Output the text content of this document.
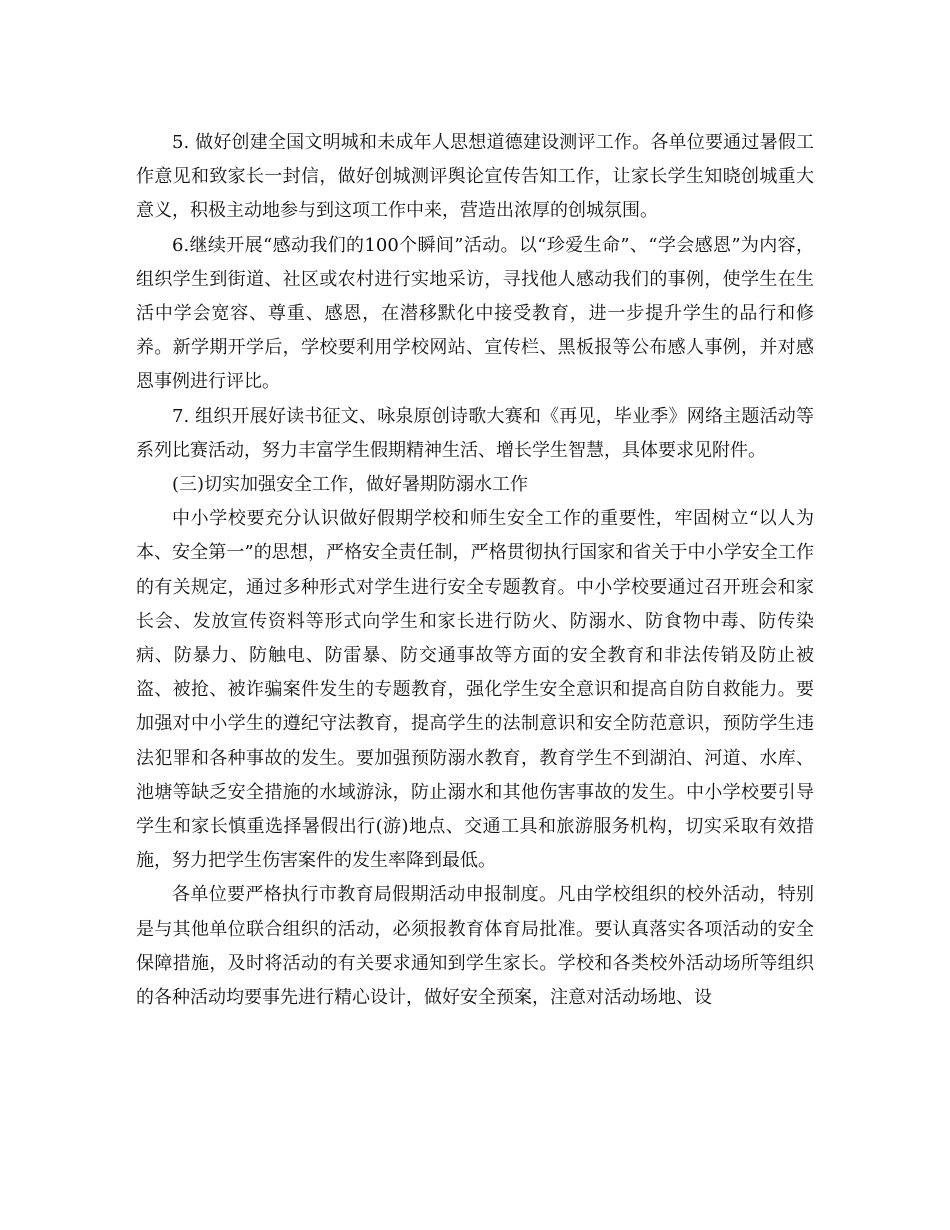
5. 做好创建全国文明城和未成年人思想道德建设测评工作。各单位要通过暑假工作意见和致家长一封信，做好创城测评舆论宣传告知工作，让家长学生知晓创城重大意义，积极主动地参与到这项工作中来，营造出浓厚的创城氛围。

6.继续开展“感动我们的100个瞬间”活动。以“珍爱生命”、“学会感恩”为内容，组织学生到街道、社区或农村进行实地采访，寻找他人感动我们的事例，使学生在生活中学会宽容、尊重、感恩，在潜移默化中接受教育，进一步提升学生的品行和修养。新学期开学后，学校要利用学校网站、宣传栏、黑板报等公布感人事例，并对感恩事例进行评比。

7. 组织开展好读书征文、咏泉原创诗歌大赛和《再见，毕业季》网络主题活动等系列比赛活动，努力丰富学生假期精神生活、增长学生智慧，具体要求见附件。

(三)切实加强安全工作，做好暑期防溺水工作

中小学校要充分认识做好假期学校和师生安全工作的重要性，牢固树立“以人为本、安全第一”的思想，严格安全责任制，严格贯彻执行国家和省关于中小学安全工作的有关规定，通过多种形式对学生进行安全专题教育。中小学校要通过召开班会和家长会、发放宣传资料等形式向学生和家长进行防火、防溺水、防食物中毒、防传染病、防暴力、防触电、防雷暴、防交通事故等方面的安全教育和非法传销及防止被盗、被抢、被诈骗案件发生的专题教育，强化学生安全意识和提高自防自救能力。要加强对中小学生的遵纪守法教育，提高学生的法制意识和安全防范意识，预防学生违法犯罪和各种事故的发生。要加强预防溺水教育，教育学生不到湖泊、河道、水库、池塘等缺乏安全措施的水域游泳，防止溺水和其他伤害事故的发生。中小学校要引导学生和家长慎重选择暑假出行(游)地点、交通工具和旅游服务机构，切实采取有效措施，努力把学生伤害案件的发生率降到最低。

各单位要严格执行市教育局假期活动申报制度。凡由学校组织的校外活动，特别是与其他单位联合组织的活动，必须报教育体育局批准。要认真落实各项活动的安全保障措施，及时将活动的有关要求通知到学生家长。学校和各类校外活动场所等组织的各种活动均要事先进行精心设计，做好安全预案，注意对活动场地、设
